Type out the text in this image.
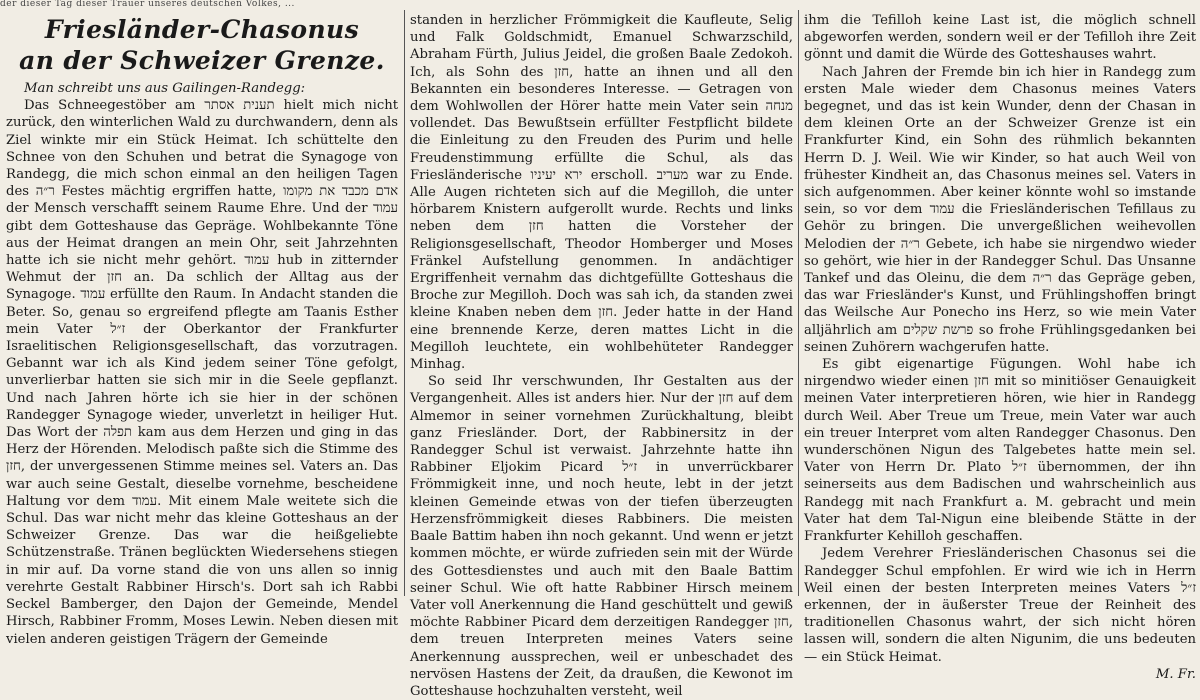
der dieser Tag dieser Trauer unseres deutschen Volkes, ...
Friesländer-Chasonus
an der Schweizer Grenze.

Man schreibt uns aus Gailingen-Randegg:

Das Schneegestöber am תענית אסתר hielt mich nicht zurück, den winterlichen Wald zu durchwandern, denn als Ziel winkte mir ein Stück Heimat. Ich schüttelte den Schnee von den Schuhen und betrat die Synagoge von Randegg, die mich schon einmal an den heiligen Tagen des ר״ה Festes mächtig ergriffen hatte, אדם מכבד את מקומו der Mensch verschafft seinem Raume Ehre. Und der עמוד gibt dem Gotteshause das Gepräge. Wohlbekannte Töne aus der Heimat drangen an mein Ohr, seit Jahrzehnten hatte ich sie nicht mehr gehört. עמוד hub in zitternder Wehmut der חזן an. Da schlich der Alltag aus der Synagoge. עמוד erfüllte den Raum. In Andacht standen die Beter. So, genau so ergreifend pflegte am Taanis Esther mein Vater ז״ל der Oberkantor der Frankfurter Israelitischen Religionsgesellschaft, das vorzutragen. Gebannt war ich als Kind jedem seiner Töne gefolgt, unverlierbar hatten sie sich mir in die Seele gepflanzt. Und nach Jahren hörte ich sie hier in der schönen Randegger Synagoge wieder, unverletzt in heiliger Hut. Das Wort der תפלה kam aus dem Herzen und ging in das Herz der Hörenden. Melodisch paßte sich die Stimme des חזן, der unvergessenen Stimme meines sel. Vaters an. Das war auch seine Gestalt, dieselbe vornehme, bescheidene Haltung vor dem עמוד. Mit einem Male weitete sich die Schul. Das war nicht mehr das kleine Gotteshaus an der Schweizer Grenze. Das war die heißgeliebte Schützenstraße. Tränen beglückten Wiedersehens stiegen in mir auf. Da vorne stand die von uns allen so innig verehrte Gestalt Rabbiner Hirsch's. Dort sah ich Rabbi Seckel Bamberger, den Dajon der Gemeinde, Mendel Hirsch, Rabbiner Fromm, Moses Lewin. Neben diesen mit vielen anderen geistigen Trägern der Gemeinde

standen in herzlicher Frömmigkeit die Kaufleute, Selig und Falk Goldschmidt, Emanuel Schwarzschild, Abraham Fürth, Julius Jeidel, die großen Baale Zedokoh. Ich, als Sohn des חזן, hatte an ihnen und all den Bekannten ein besonderes Interesse. — Getragen von dem Wohlwollen der Hörer hatte mein Vater sein מנחה vollendet. Das Bewußtsein erfüllter Festpflicht bildete die Einleitung zu den Freuden des Purim und helle Freudenstimmung erfüllte die Schul, als das Friesländerische ירא יעיניו erscholl. מעריב war zu Ende. Alle Augen richteten sich auf die Megilloh, die unter hörbarem Knistern aufgerollt wurde. Rechts und links neben dem חזן hatten die Vorsteher der Religionsgesellschaft, Theodor Homberger und Moses Fränkel Aufstellung genommen. In andächtiger Ergriffenheit vernahm das dichtgefüllte Gotteshaus die Broche zur Megilloh. Doch was sah ich, da standen zwei kleine Knaben neben dem חזן. Jeder hatte in der Hand eine brennende Kerze, deren mattes Licht in die Megilloh leuchtete, ein wohlbehüteter Randegger Minhag.

So seid Ihr verschwunden, Ihr Gestalten aus der Vergangenheit. Alles ist anders hier. Nur der חזן auf dem Almemor in seiner vornehmen Zurückhaltung, bleibt ganz Friesländer. Dort, der Rabbinersitz in der Randegger Schul ist verwaist. Jahrzehnte hatte ihn Rabbiner Eljokim Picard ז״ל in unverrückbarer Frömmigkeit inne, und noch heute, lebt in der jetzt kleinen Gemeinde etwas von der tiefen überzeugten Herzensfrömmigkeit dieses Rabbiners. Die meisten Baale Battim haben ihn noch gekannt. Und wenn er jetzt kommen möchte, er würde zufrieden sein mit der Würde des Gottesdienstes und auch mit den Baale Battim seiner Schul. Wie oft hatte Rabbiner Hirsch meinem Vater voll Anerkennung die Hand geschüttelt und gewiß möchte Rabbiner Picard dem derzeitigen Randegger חזן, dem treuen Interpreten meines Vaters seine Anerkennung aussprechen, weil er unbeschadet des nervösen Hastens der Zeit, da draußen, die Kewonot im Gotteshause hochzuhalten versteht, weil

ihm die Tefilloh keine Last ist, die möglich schnell abgeworfen werden, sondern weil er der Tefilloh ihre Zeit gönnt und damit die Würde des Gotteshauses wahrt.

Nach Jahren der Fremde bin ich hier in Randegg zum ersten Male wieder dem Chasonus meines Vaters begegnet, und das ist kein Wunder, denn der Chasan in dem kleinen Orte an der Schweizer Grenze ist ein Frankfurter Kind, ein Sohn des rühmlich bekannten Herrn D. J. Weil. Wie wir Kinder, so hat auch Weil von frühester Kindheit an, das Chasonus meines sel. Vaters in sich aufgenommen. Aber keiner könnte wohl so imstande sein, so vor dem עמוד die Friesländerischen Tefillaus zu Gehör zu bringen. Die unvergeßlichen weihevollen Melodien der ר״ה Gebete, ich habe sie nirgendwo wieder so gehört, wie hier in der Randegger Schul. Das Unsanne Tankef und das Oleinu, die dem ר״ה das Gepräge geben, das war Friesländer's Kunst, und Frühlingshoffen bringt das Weilsche Aur Ponecho ins Herz, so wie mein Vater alljährlich am פרשת שקלים so frohe Frühlingsgedanken bei seinen Zuhörern wachgerufen hatte.

Es gibt eigenartige Fügungen. Wohl habe ich nirgendwo wieder einen חזן mit so minitiöser Genauigkeit meinen Vater interpretieren hören, wie hier in Randegg durch Weil. Aber Treue um Treue, mein Vater war auch ein treuer Interpret vom alten Randegger Chasonus. Den wunderschönen Nigun des Talgebetes hatte mein sel. Vater von Herrn Dr. Plato ז״ל übernommen, der ihn seinerseits aus dem Badischen und wahrscheinlich aus Randegg mit nach Frankfurt a. M. gebracht und mein Vater hat dem Tal-Nigun eine bleibende Stätte in der Frankfurter Kehilloh geschaffen.

Jedem Verehrer Friesländerischen Chasonus sei die Randegger Schul empfohlen. Er wird wie ich in Herrn Weil einen der besten Interpreten meines Vaters ז״ל erkennen, der in äußerster Treue der Reinheit des traditionellen Chasonus wahrt, der sich nicht hören lassen will, sondern die alten Nigunim, die uns bedeuten — ein Stück Heimat.

M. Fr.
